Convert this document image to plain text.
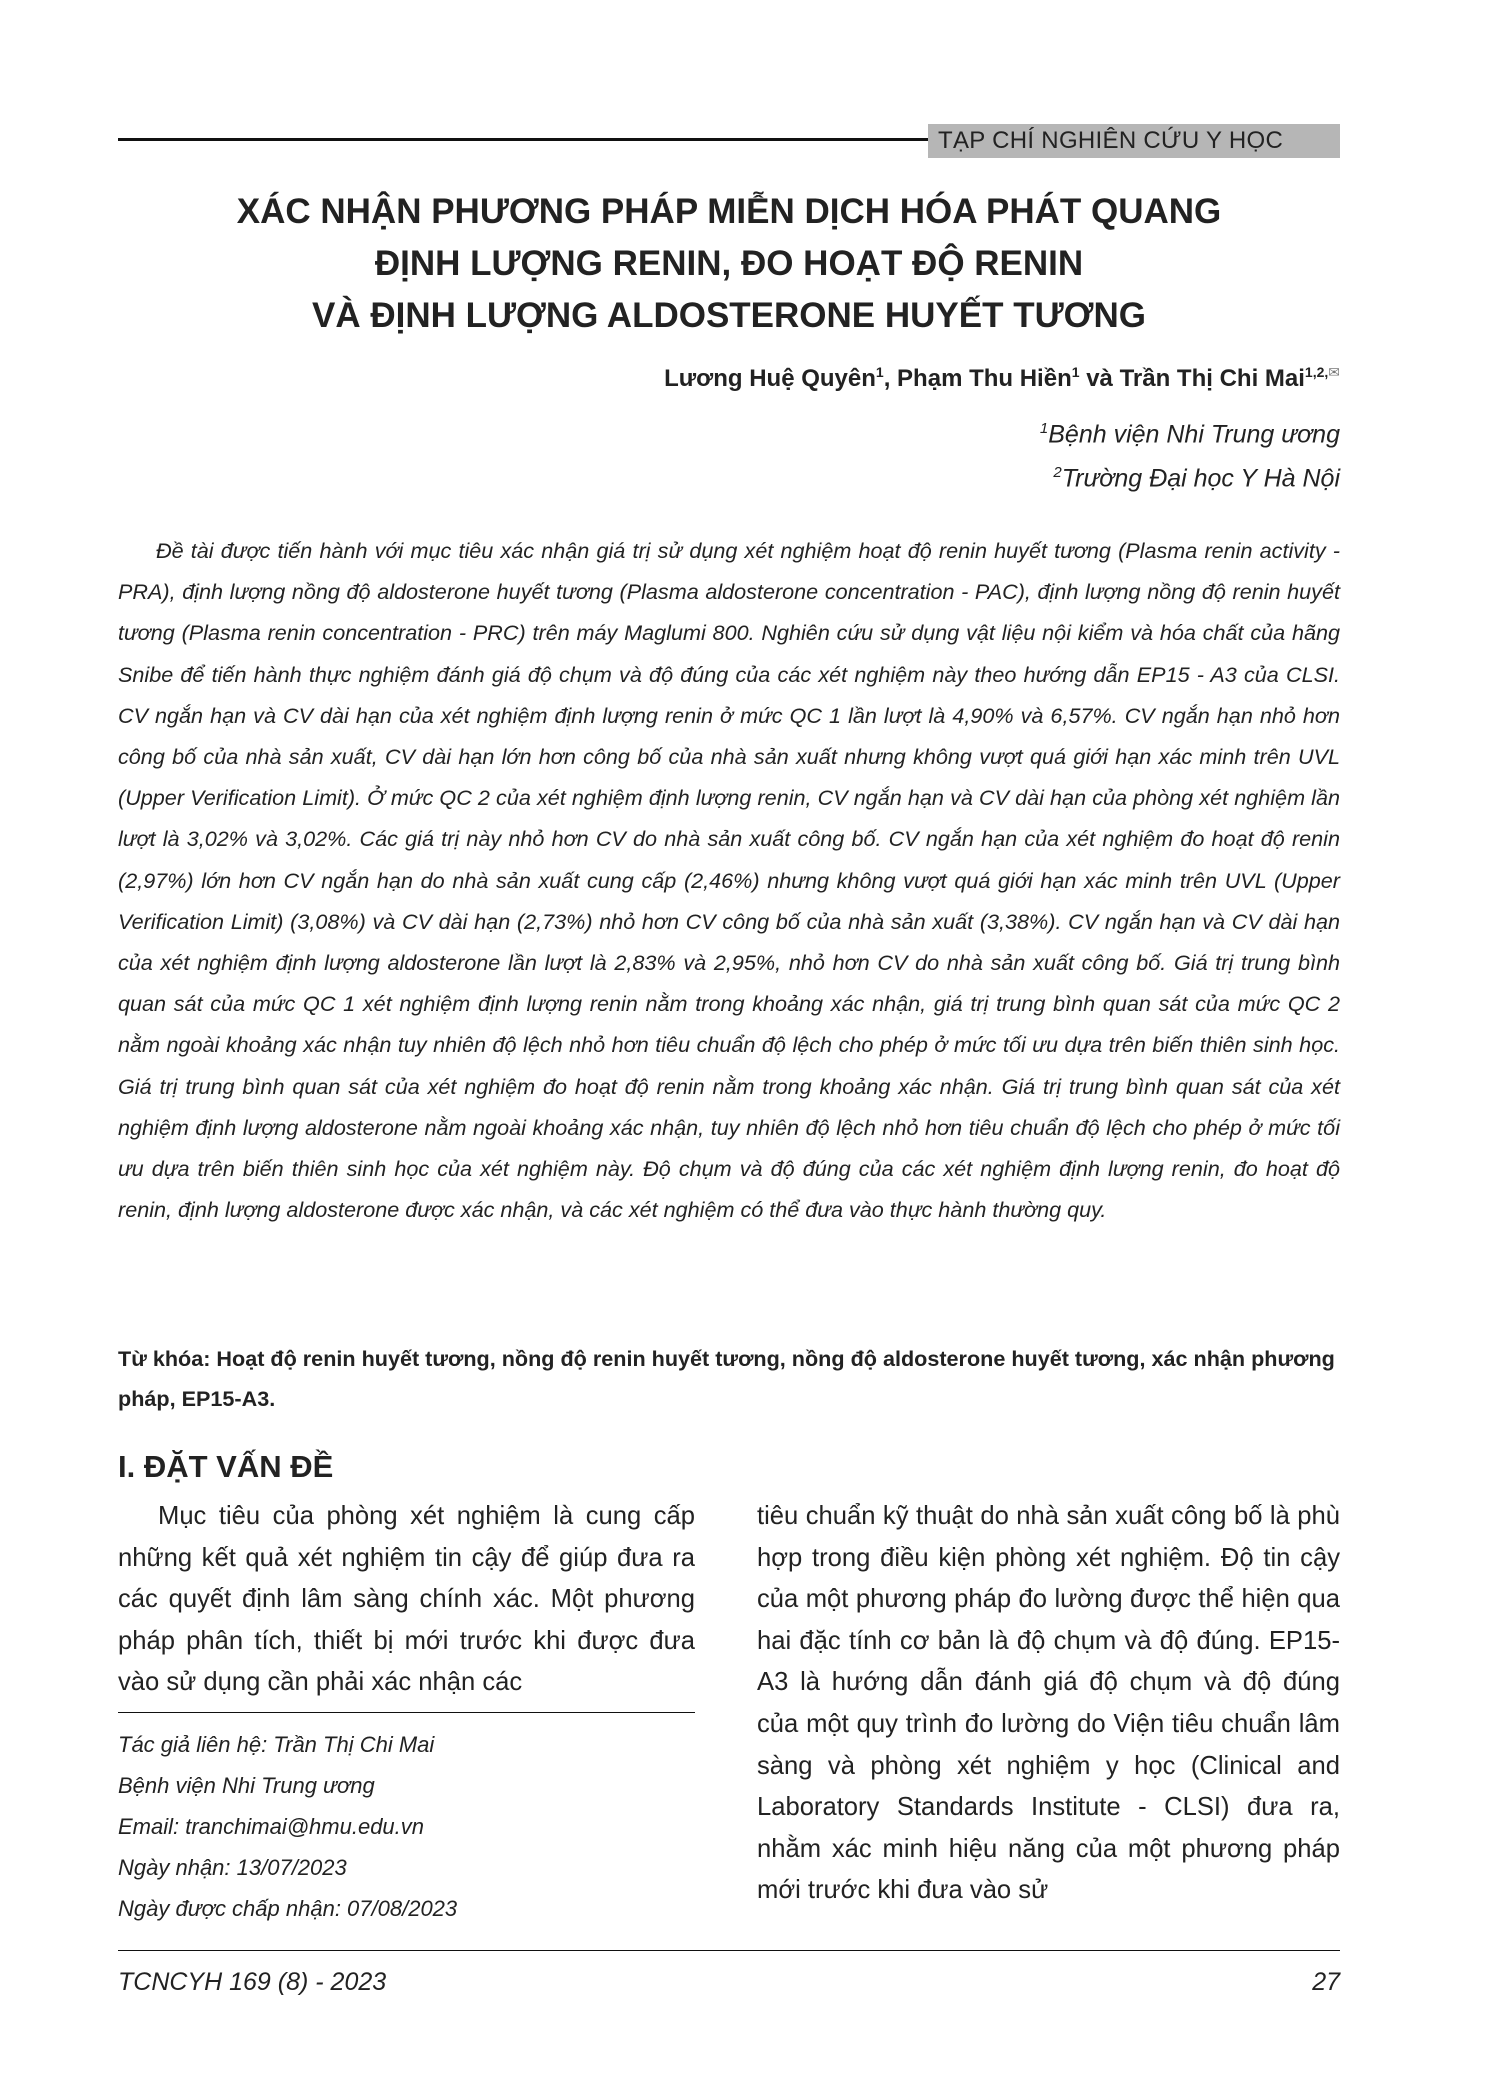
TẠP CHÍ NGHIÊN CỨU Y HỌC
XÁC NHẬN PHƯƠNG PHÁP MIỄN DỊCH HÓA PHÁT QUANG
ĐỊNH LƯỢNG RENIN, ĐO HOẠT ĐỘ RENIN
VÀ ĐỊNH LƯỢNG ALDOSTERONE HUYẾT TƯƠNG
Lương Huệ Quyên$^1$, Phạm Thu Hiền$^1$ và Trần Thị Chi Mai$^{1,2,✉}$
$^1$Bệnh viện Nhi Trung ương
$^2$Trường Đại học Y Hà Nội

Đề tài được tiến hành với mục tiêu xác nhận giá trị sử dụng xét nghiệm hoạt độ renin huyết tương (Plasma renin activity - PRA), định lượng nồng độ aldosterone huyết tương (Plasma aldosterone concentration - PAC), định lượng nồng độ renin huyết tương (Plasma renin concentration - PRC) trên máy Maglumi 800. Nghiên cứu sử dụng vật liệu nội kiểm và hóa chất của hãng Snibe để tiến hành thực nghiệm đánh giá độ chụm và độ đúng của các xét nghiệm này theo hướng dẫn EP15 - A3 của CLSI. CV ngắn hạn và CV dài hạn của xét nghiệm định lượng renin ở mức QC 1 lần lượt là 4,90% và 6,57%. CV ngắn hạn nhỏ hơn công bố của nhà sản xuất, CV dài hạn lớn hơn công bố của nhà sản xuất nhưng không vượt quá giới hạn xác minh trên UVL (Upper Verification Limit). Ở mức QC 2 của xét nghiệm định lượng renin, CV ngắn hạn và CV dài hạn của phòng xét nghiệm lần lượt là 3,02% và 3,02%. Các giá trị này nhỏ hơn CV do nhà sản xuất công bố. CV ngắn hạn của xét nghiệm đo hoạt độ renin (2,97%) lớn hơn CV ngắn hạn do nhà sản xuất cung cấp (2,46%) nhưng không vượt quá giới hạn xác minh trên UVL (Upper Verification Limit) (3,08%) và CV dài hạn (2,73%) nhỏ hơn CV công bố của nhà sản xuất (3,38%). CV ngắn hạn và CV dài hạn của xét nghiệm định lượng aldosterone lần lượt là 2,83% và 2,95%, nhỏ hơn CV do nhà sản xuất công bố. Giá trị trung bình quan sát của mức QC 1 xét nghiệm định lượng renin nằm trong khoảng xác nhận, giá trị trung bình quan sát của mức QC 2 nằm ngoài khoảng xác nhận tuy nhiên độ lệch nhỏ hơn tiêu chuẩn độ lệch cho phép ở mức tối ưu dựa trên biến thiên sinh học. Giá trị trung bình quan sát của xét nghiệm đo hoạt độ renin nằm trong khoảng xác nhận. Giá trị trung bình quan sát của xét nghiệm định lượng aldosterone nằm ngoài khoảng xác nhận, tuy nhiên độ lệch nhỏ hơn tiêu chuẩn độ lệch cho phép ở mức tối ưu dựa trên biến thiên sinh học của xét nghiệm này. Độ chụm và độ đúng của các xét nghiệm định lượng renin, đo hoạt độ renin, định lượng aldosterone được xác nhận, và các xét nghiệm có thể đưa vào thực hành thường quy.

Từ khóa: Hoạt độ renin huyết tương, nồng độ renin huyết tương, nồng độ aldosterone huyết tương, xác nhận phương pháp, EP15-A3.

I. ĐẶT VẤN ĐỀ

Mục tiêu của phòng xét nghiệm là cung cấp những kết quả xét nghiệm tin cậy để giúp đưa ra các quyết định lâm sàng chính xác. Một phương pháp phân tích, thiết bị mới trước khi được đưa vào sử dụng cần phải xác nhận các

tiêu chuẩn kỹ thuật do nhà sản xuất công bố là phù hợp trong điều kiện phòng xét nghiệm. Độ tin cậy của một phương pháp đo lường được thể hiện qua hai đặc tính cơ bản là độ chụm và độ đúng. EP15-A3 là hướng dẫn đánh giá độ chụm và độ đúng của một quy trình đo lường do Viện tiêu chuẩn lâm sàng và phòng xét nghiệm y học (Clinical and Laboratory Standards Institute - CLSI) đưa ra, nhằm xác minh hiệu năng của một phương pháp mới trước khi đưa vào sử

Tác giả liên hệ: Trần Thị Chi Mai
Bệnh viện Nhi Trung ương
Email: tranchimai@hmu.edu.vn
Ngày nhận: 13/07/2023
Ngày được chấp nhận: 07/08/2023
TCNCYH 169 (8) - 2023	27
